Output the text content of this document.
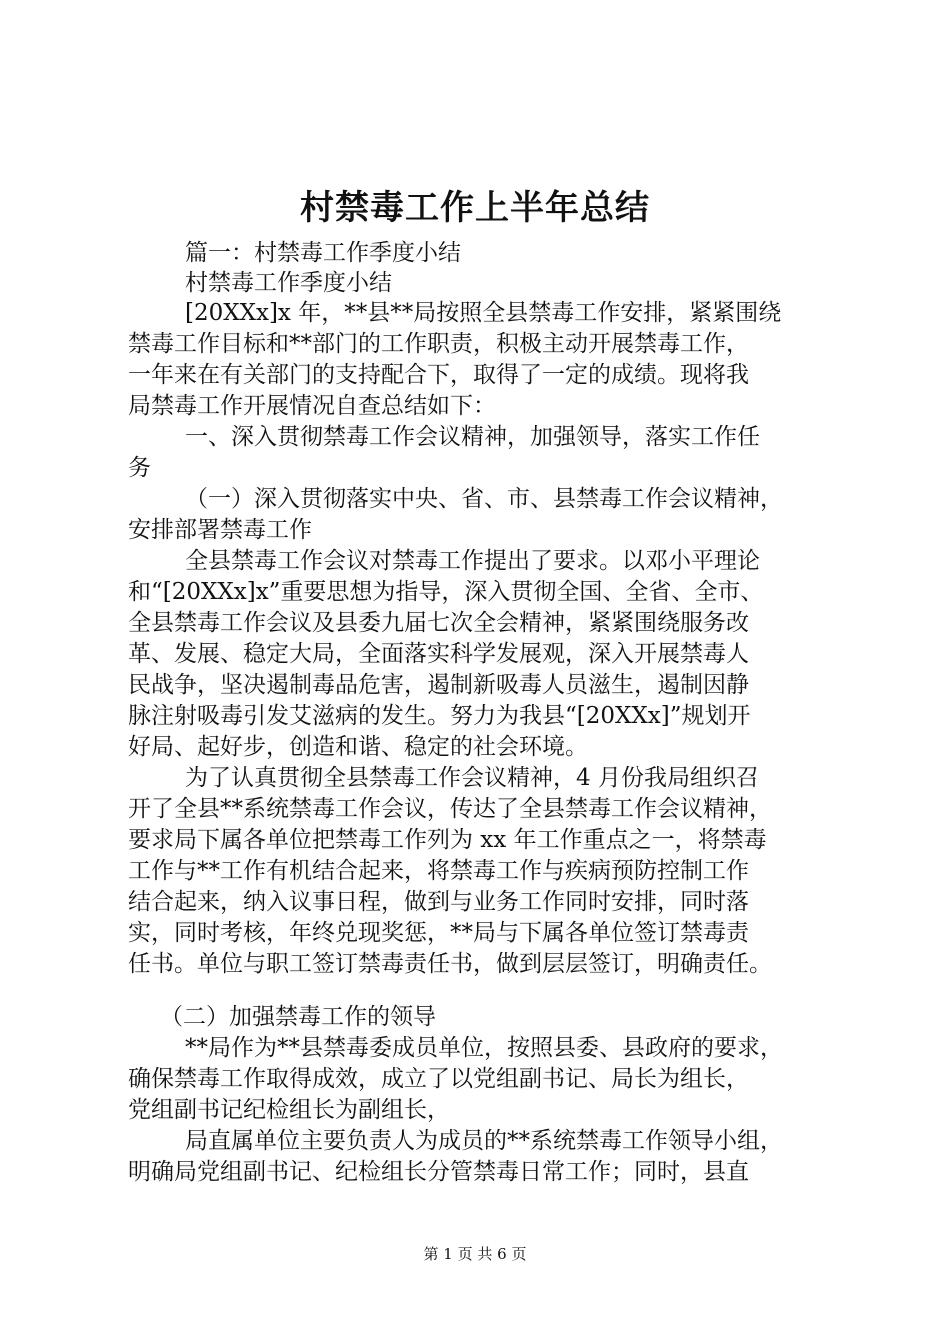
村禁毒工作上半年总结
篇一：村禁毒工作季度小结
村禁毒工作季度小结
[20XXx]x 年，**县**局按照全县禁毒工作安排，紧紧围绕
禁毒工作目标和**部门的工作职责，积极主动开展禁毒工作，
一年来在有关部门的支持配合下，取得了一定的成绩。现将我
局禁毒工作开展情况自查总结如下：
一、深入贯彻禁毒工作会议精神，加强领导，落实工作任
务
（一）深入贯彻落实中央、省、市、县禁毒工作会议精神，
安排部署禁毒工作
全县禁毒工作会议对禁毒工作提出了要求。以邓小平理论
和“[20XXx]x”重要思想为指导，深入贯彻全国、全省、全市、
全县禁毒工作会议及县委九届七次全会精神，紧紧围绕服务改
革、发展、稳定大局，全面落实科学发展观，深入开展禁毒人
民战争，坚决遏制毒品危害，遏制新吸毒人员滋生，遏制因静
脉注射吸毒引发艾滋病的发生。努力为我县“[20XXx]”规划开
好局、起好步，创造和谐、稳定的社会环境。
为了认真贯彻全县禁毒工作会议精神，4 月份我局组织召
开了全县**系统禁毒工作会议，传达了全县禁毒工作会议精神，
要求局下属各单位把禁毒工作列为 xx 年工作重点之一，将禁毒
工作与**工作有机结合起来，将禁毒工作与疾病预防控制工作
结合起来，纳入议事日程，做到与业务工作同时安排，同时落
实，同时考核，年终兑现奖惩，**局与下属各单位签订禁毒责
任书。单位与职工签订禁毒责任书，做到层层签订，明确责任。
（二）加强禁毒工作的领导
**局作为**县禁毒委成员单位，按照县委、县政府的要求，
确保禁毒工作取得成效，成立了以党组副书记、局长为组长，
党组副书记纪检组长为副组长，
局直属单位主要负责人为成员的**系统禁毒工作领导小组，
明确局党组副书记、纪检组长分管禁毒日常工作；同时，县直
第 1 页 共 6 页
